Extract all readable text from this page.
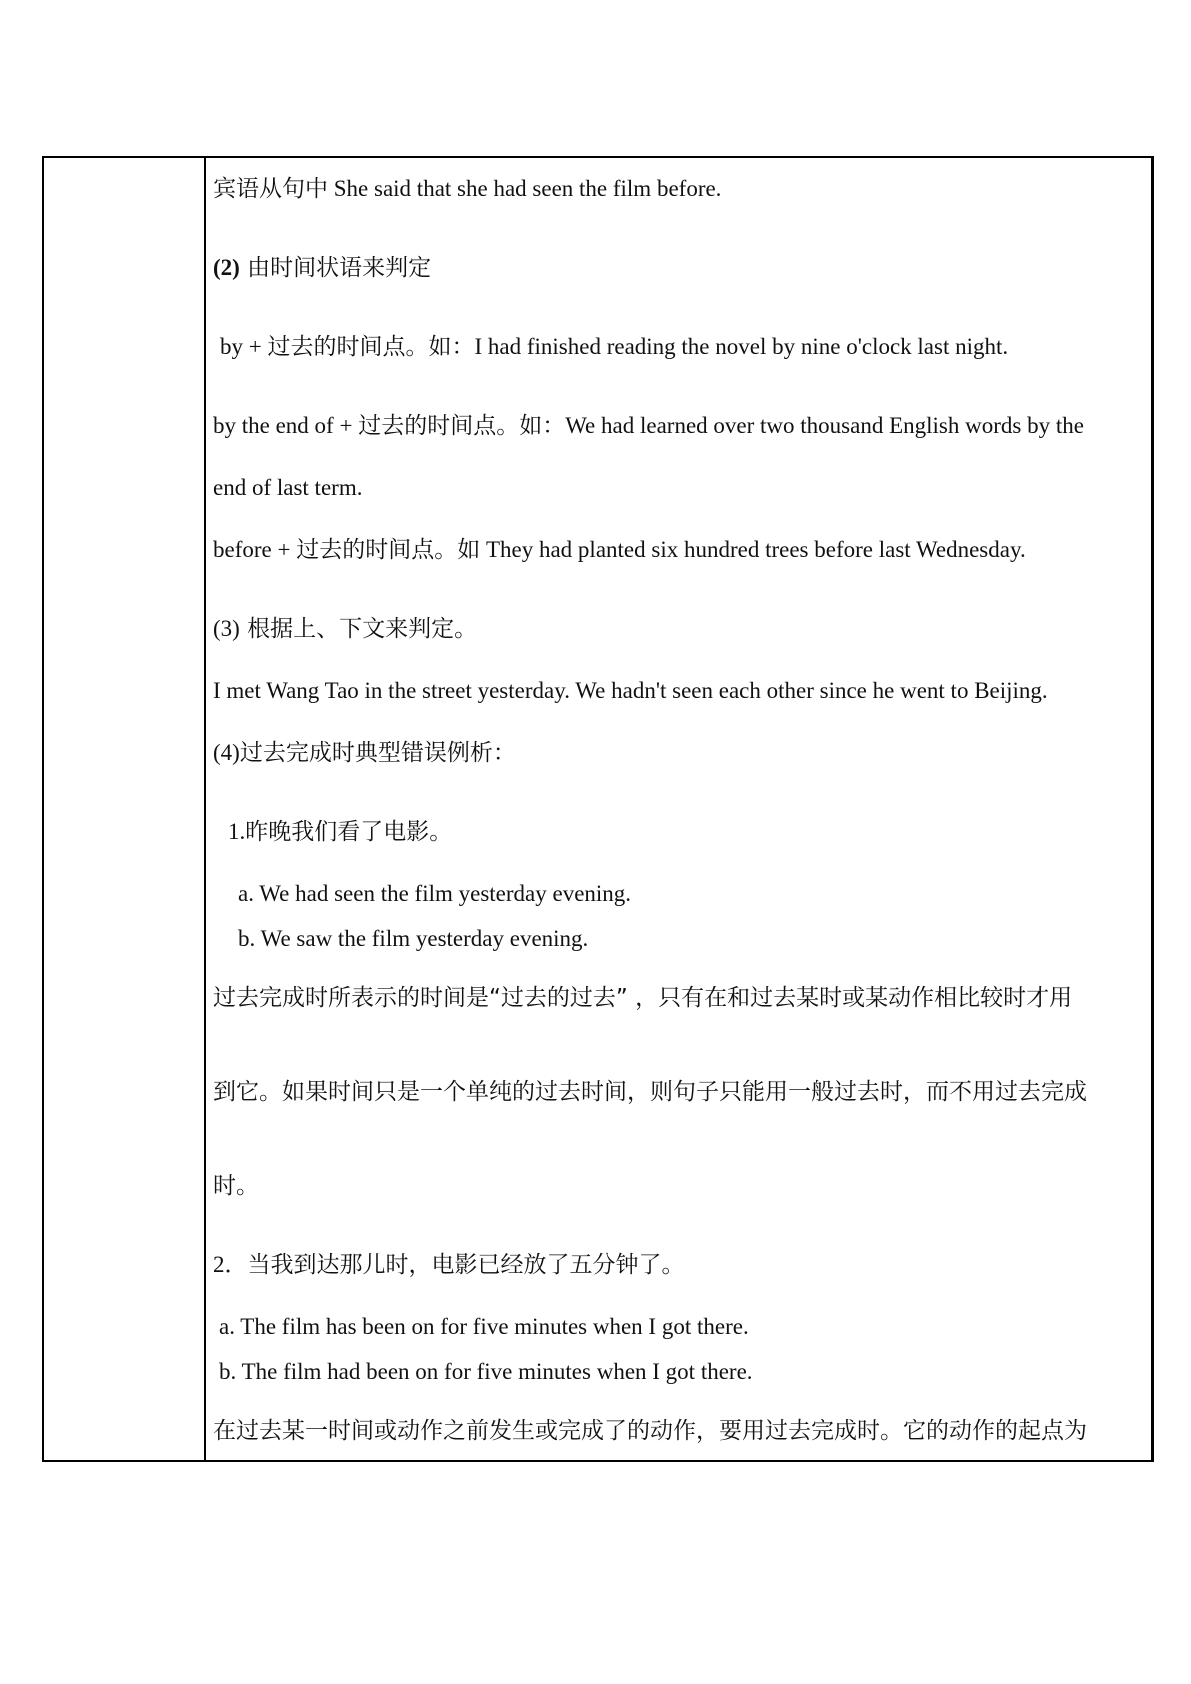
宾语从句中 She said that she had seen the film before.
(2) 由时间状语来判定
by + 过去的时间点。如：I had finished reading the novel by nine o'clock last night.
by the end of + 过去的时间点。如：We had learned over two thousand English words by the
end of last term.
before + 过去的时间点。如 They had planted six hundred trees before last Wednesday.
(3) 根据上、下文来判定。
I met Wang Tao in the street yesterday. We hadn't seen each other since he went to Beijing.
(4)过去完成时典型错误例析：
1.昨晚我们看了电影。
a. We had seen the film yesterday evening.
b. We saw the film yesterday evening.
过去完成时所表示的时间是“过去的过去” ，只有在和过去某时或某动作相比较时才用
到它。如果时间只是一个单纯的过去时间，则句子只能用一般过去时，而不用过去完成
时。
2．当我到达那儿时，电影已经放了五分钟了。
a. The film has been on for five minutes when I got there.
b. The film had been on for five minutes when I got there.
在过去某一时间或动作之前发生或完成了的动作，要用过去完成时。它的动作的起点为
